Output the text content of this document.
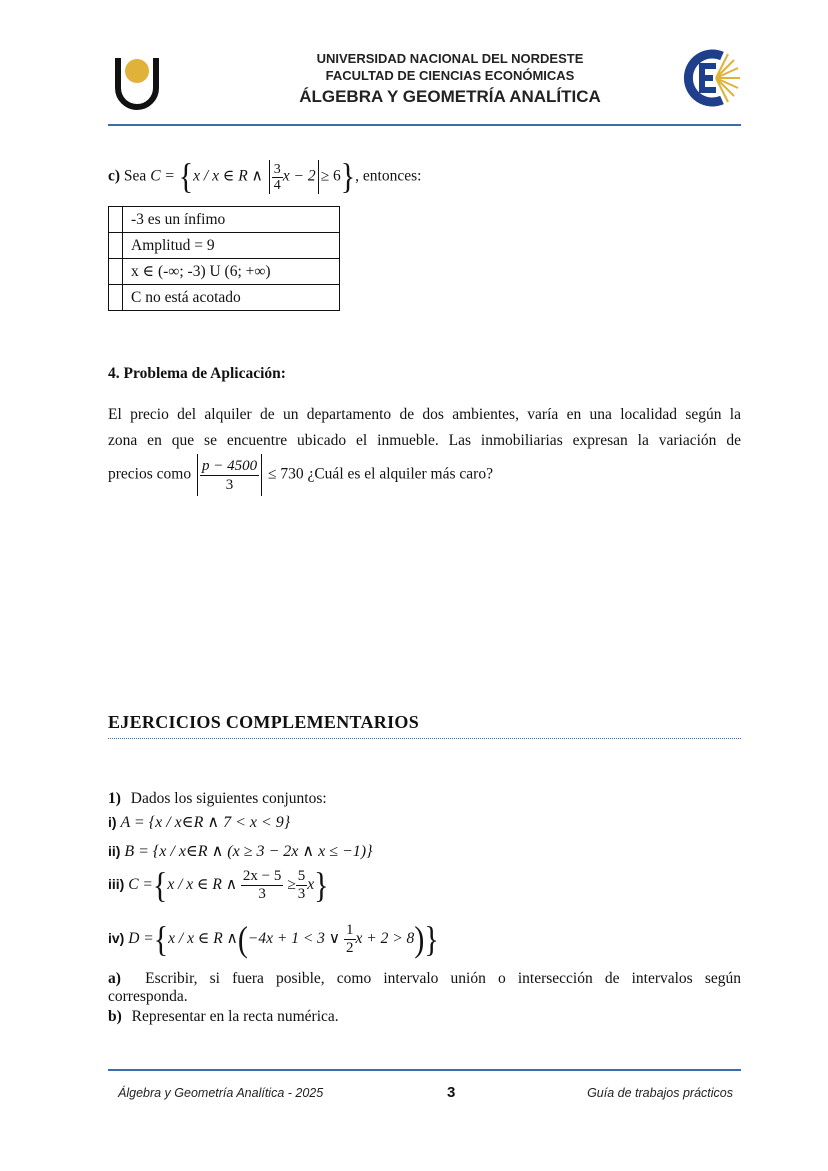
UNIVERSIDAD NACIONAL DEL NORDESTE
FACULTAD DE CIENCIAS ECONÓMICAS
ÁLGEBRA Y GEOMETRÍA ANALÍTICA
c) Sea C = {x / x ∈ R ∧ $\frac{3}{4}$ x − 2 ≥ 6}, entonces:
	-3 es un ínfimo
	Amplitud = 9
	x ∈ (-∞; -3) U (6; +∞)
	C no está acotado
4. Problema de Aplicación:
El precio del alquiler de un departamento de dos ambientes, varía en una localidad según la
zona en que se encuentre ubicado el inmueble. Las inmobiliarias expresan la variación de
precios como $\frac{p - 4500}{3} \le 730$ ¿Cuál es el alquiler más caro?
EJERCICIOS COMPLEMENTARIOS
1) Dados los siguientes conjuntos:
i) A = {x / x∈R ∧ 7 < x < 9}
ii) B = {x / x∈R ∧ (x ≥ 3 − 2x ∧ x ≤ −1)}
iii) C ={x / x ∈ R ∧ $\frac{2x - 5}{3} \ge \frac{5}{3} x$}
iv) D ={x / x ∈ R ∧(−4x + 1 < 3 ∨ $\frac{1}{2}$ x + 2 > 8)}
a) Escribir, si fuera posible, como intervalo unión o intersección de intervalos según
corresponda.
b) Representar en la recta numérica.
Álgebra y Geometría Analítica - 2025	3	Guía de trabajos prácticos
